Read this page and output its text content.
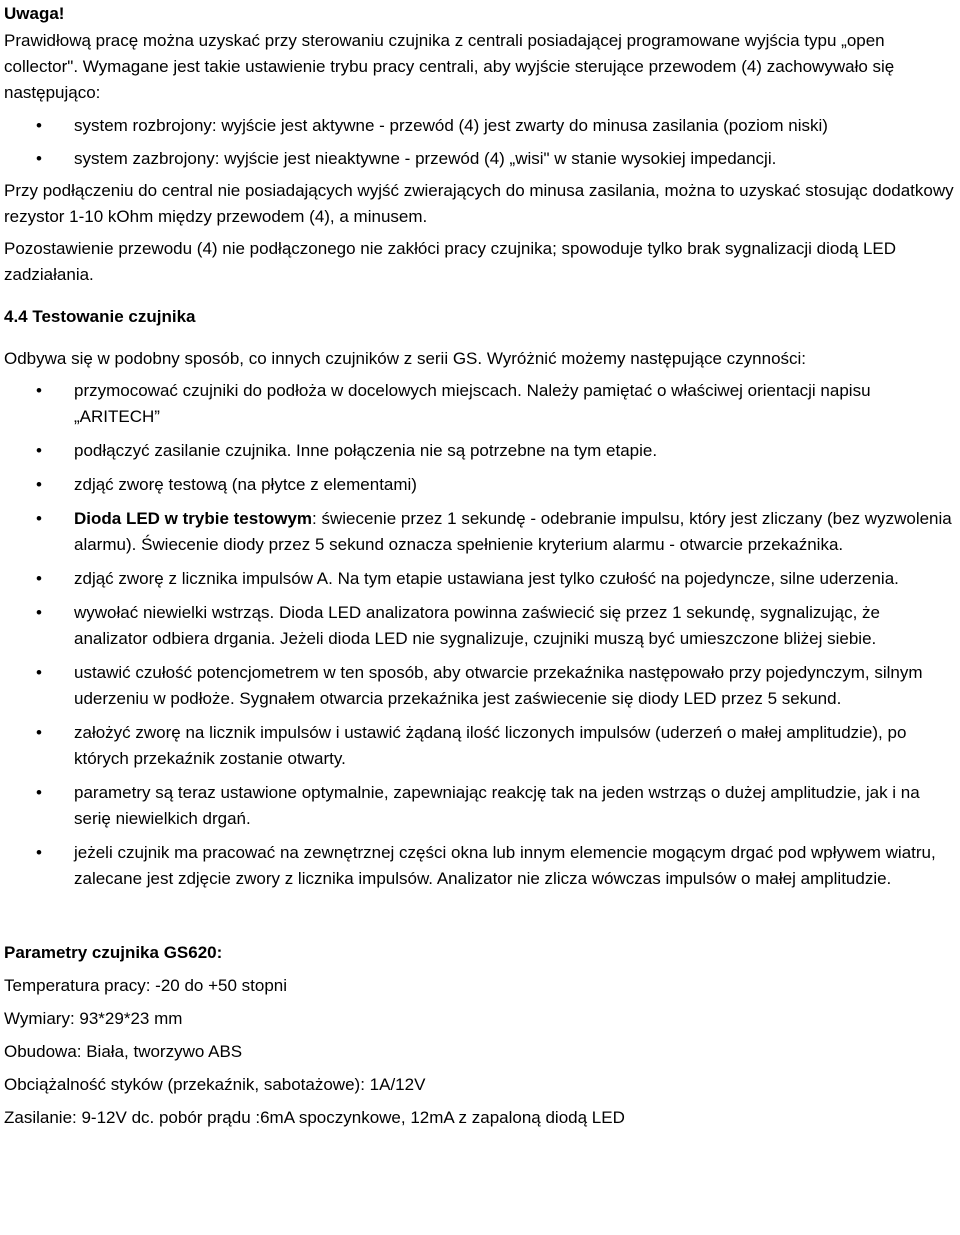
Uwaga!

Prawidłową pracę można uzyskać przy sterowaniu czujnika z centrali posiadającej programowane wyjścia typu „open collector". Wymagane jest takie ustawienie trybu pracy centrali, aby wyjście sterujące przewodem (4) zachowywało się następująco:

• system rozbrojony: wyjście jest aktywne - przewód (4) jest zwarty do minusa zasilania (poziom niski)
• system zazbrojony: wyjście jest nieaktywne - przewód (4) „wisi" w stanie wysokiej impedancji.

Przy podłączeniu do central nie posiadających wyjść zwierających do minusa zasilania, można to uzyskać stosując dodatkowy rezystor 1-10 kOhm między przewodem (4), a minusem.

Pozostawienie przewodu (4) nie podłączonego nie zakłóci pracy czujnika; spowoduje tylko brak sygnalizacji diodą LED zadziałania.

4.4 Testowanie czujnika

Odbywa się w podobny sposób, co innych czujników z serii GS. Wyróżnić możemy następujące czynności:

• przymocować czujniki do podłoża w docelowych miejscach. Należy pamiętać o właściwej orientacji napisu „ARITECH”
• podłączyć zasilanie czujnika. Inne połączenia nie są potrzebne na tym etapie.
• zdjąć zworę testową (na płytce z elementami)
• Dioda LED w trybie testowym: świecenie przez 1 sekundę - odebranie impulsu, który jest zliczany (bez wyzwolenia alarmu). Świecenie diody przez 5 sekund oznacza spełnienie kryterium alarmu - otwarcie przekaźnika.
• zdjąć zworę z licznika impulsów A. Na tym etapie ustawiana jest tylko czułość na pojedyncze, silne uderzenia.
• wywołać niewielki wstrząs. Dioda LED analizatora powinna zaświecić się przez 1 sekundę, sygnalizując, że analizator odbiera drgania. Jeżeli dioda LED nie sygnalizuje, czujniki muszą być umieszczone bliżej siebie.
• ustawić czułość potencjometrem w ten sposób, aby otwarcie przekaźnika następowało przy pojedynczym, silnym uderzeniu w podłoże. Sygnałem otwarcia przekaźnika jest zaświecenie się diody LED przez 5 sekund.
• założyć zworę na licznik impulsów i ustawić żądaną ilość liczonych impulsów (uderzeń o małej amplitudzie), po których przekaźnik zostanie otwarty.
• parametry są teraz ustawione optymalnie, zapewniając reakcję tak na jeden wstrząs o dużej amplitudzie, jak i na serię niewielkich drgań.
• jeżeli czujnik ma pracować na zewnętrznej części okna lub innym elemencie mogącym drgać pod wpływem wiatru, zalecane jest zdjęcie zwory z licznika impulsów. Analizator nie zlicza wówczas impulsów o małej amplitudzie.

Parametry czujnika GS620:

Temperatura pracy: -20 do +50 stopni

Wymiary: 93*29*23 mm

Obudowa: Biała, tworzywo ABS

Obciążalność styków (przekaźnik, sabotażowe): 1A/12V

Zasilanie: 9-12V dc. pobór prądu :6mA spoczynkowe, 12mA z zapaloną diodą LED
